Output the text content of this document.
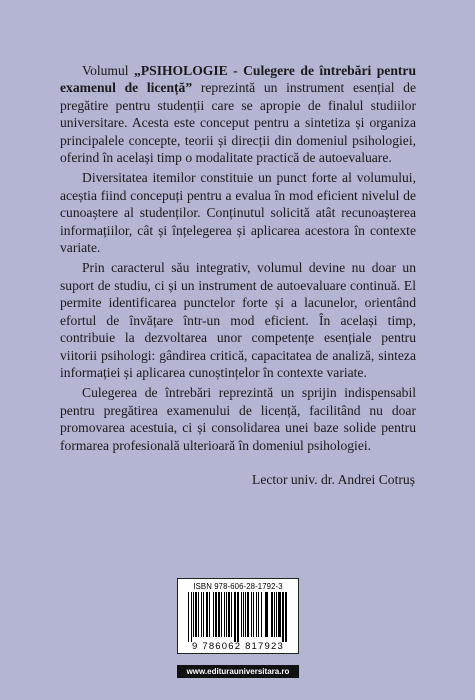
Volumul „PSIHOLOGIE - Culegere de întrebări pentru examenul de licență” reprezintă un instrument esențial de pregătire pentru studenții care se apropie de finalul studiilor universitare. Acesta este conceput pentru a sintetiza și organiza principalele concepte, teorii și direcții din domeniul psihologiei, oferind în același timp o modalitate practică de autoevaluare.

Diversitatea itemilor constituie un punct forte al volumului, aceștia fiind concepuți pentru a evalua în mod eficient nivelul de cunoaștere al studenților. Conținutul solicită atât recunoașterea informațiilor, cât și înțelegerea și aplicarea acestora în contexte variate.

Prin caracterul său integrativ, volumul devine nu doar un suport de studiu, ci și un instrument de autoevaluare continuă. El permite identificarea punctelor forte și a lacunelor, orientând efortul de învățare într-un mod eficient. În același timp, contribuie la dezvoltarea unor competențe esențiale pentru viitorii psihologi: gândirea critică, capacitatea de analiză, sinteza informației și aplicarea cunoștințelor în contexte variate.

Culegerea de întrebări reprezintă un sprijin indispensabil pentru pregătirea examenului de licență, facilitând nu doar promovarea acestuia, ci și consolidarea unei baze solide pentru formarea profesională ulterioară în domeniul psihologiei.

Lector univ. dr. Andrei Cotruș
ISBN 978-606-28-1792-3
9 786062 817923
www.editurauniversitara.ro
